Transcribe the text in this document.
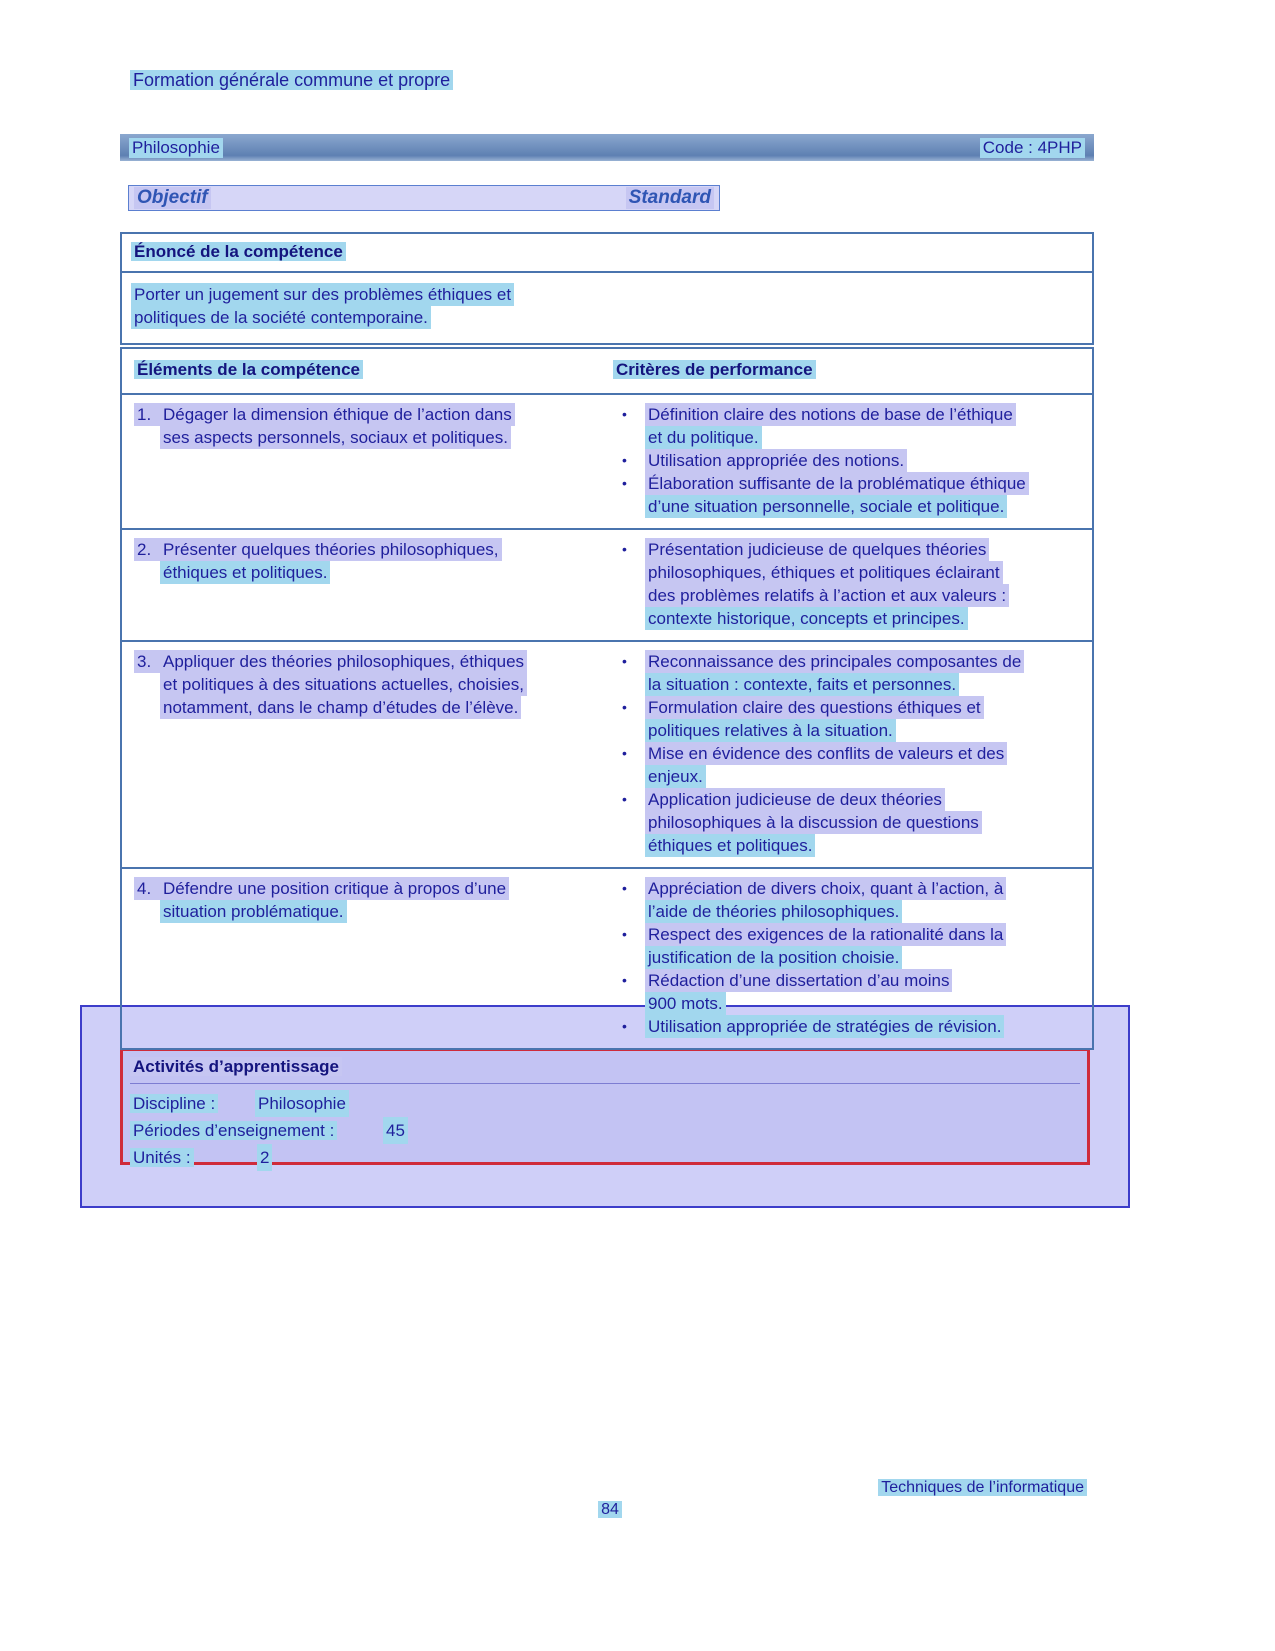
Formation générale commune et propre
Philosophie	Code : 4PHP
Objectif	Standard
Énoncé de la compétence
Porter un jugement sur des problèmes éthiques et
politiques de la société contemporaine.
Éléments de la compétence	Critères de performance
1. Dégager la dimension éthique de l’action dans
ses aspects personnels, sociaux et politiques.
•	Définition claire des notions de base de l’éthique
et du politique.
•	Utilisation appropriée des notions.
•	Élaboration suffisante de la problématique éthique
d’une situation personnelle, sociale et politique.
2. Présenter quelques théories philosophiques,
éthiques et politiques.
•	Présentation judicieuse de quelques théories
philosophiques, éthiques et politiques éclairant
des problèmes relatifs à l’action et aux valeurs :
contexte historique, concepts et principes.
3. Appliquer des théories philosophiques, éthiques
et politiques à des situations actuelles, choisies,
notamment, dans le champ d’études de l’élève.
•	Reconnaissance des principales composantes de
la situation : contexte, faits et personnes.
•	Formulation claire des questions éthiques et
politiques relatives à la situation.
•	Mise en évidence des conflits de valeurs et des
enjeux.
•	Application judicieuse de deux théories
philosophiques à la discussion de questions
éthiques et politiques.
4. Défendre une position critique à propos d’une
situation problématique.
•	Appréciation de divers choix, quant à l’action, à
l’aide de théories philosophiques.
•	Respect des exigences de la rationalité dans la
justification de la position choisie.
•	Rédaction d’une dissertation d’au moins
900 mots.
•	Utilisation appropriée de stratégies de révision.
Activités d’apprentissage
Discipline :	Philosophie
Périodes d’enseignement :	45
Unités :	2
Techniques de l’informatique
84
